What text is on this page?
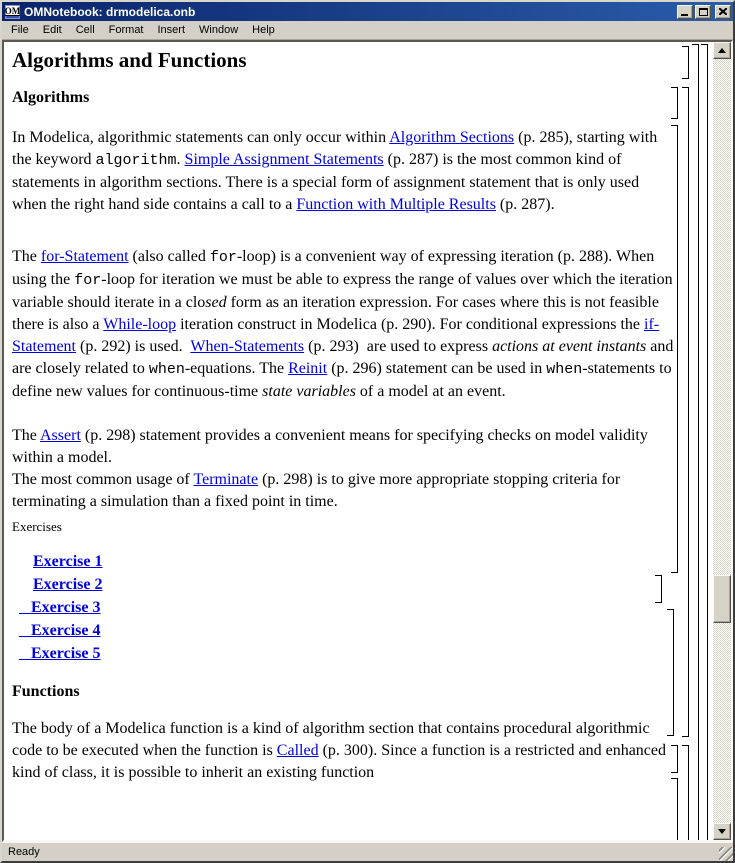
OM OMNotebook: drmodelica.onb
File	Edit	Cell	Format	Insert	Window	Help
Algorithms and Functions
Algorithms

In Modelica, algorithmic statements can only occur within Algorithm Sections (p. 285), starting with the keyword algorithm. Simple Assignment Statements (p. 287) is the most common kind of statements in algorithm sections. There is a special form of assignment statement that is only used when the right hand side contains a call to a Function with Multiple Results (p. 287).

The for-Statement (also called for-loop) is a convenient way of expressing iteration (p. 288). When using the for-loop for iteration we must be able to express the range of values over which the iteration variable should iterate in a closed form as an iteration expression. For cases where this is not feasible there is also a While-loop iteration construct in Modelica (p. 290). For conditional expressions the if-Statement (p. 292) is used.  When-Statements (p. 293)  are used to express actions at event instants and are closely related to when-equations. The Reinit (p. 296) statement can be used in when-statements to define new values for continuous-time state variables of a model at an event.

The Assert (p. 298) statement provides a convenient means for specifying checks on model validity within a model.
The most common usage of Terminate (p. 298) is to give more appropriate stopping criteria for terminating a simulation than a fixed point in time.

Exercises
Exercise 1
Exercise 2
Exercise 3
Exercise 4
Exercise 5
Functions

The body of a Modelica function is a kind of algorithm section that contains procedural algorithmic code to be executed when the function is Called (p. 300). Since a function is a restricted and enhanced kind of class, it is possible to inherit an existing function

Ready
